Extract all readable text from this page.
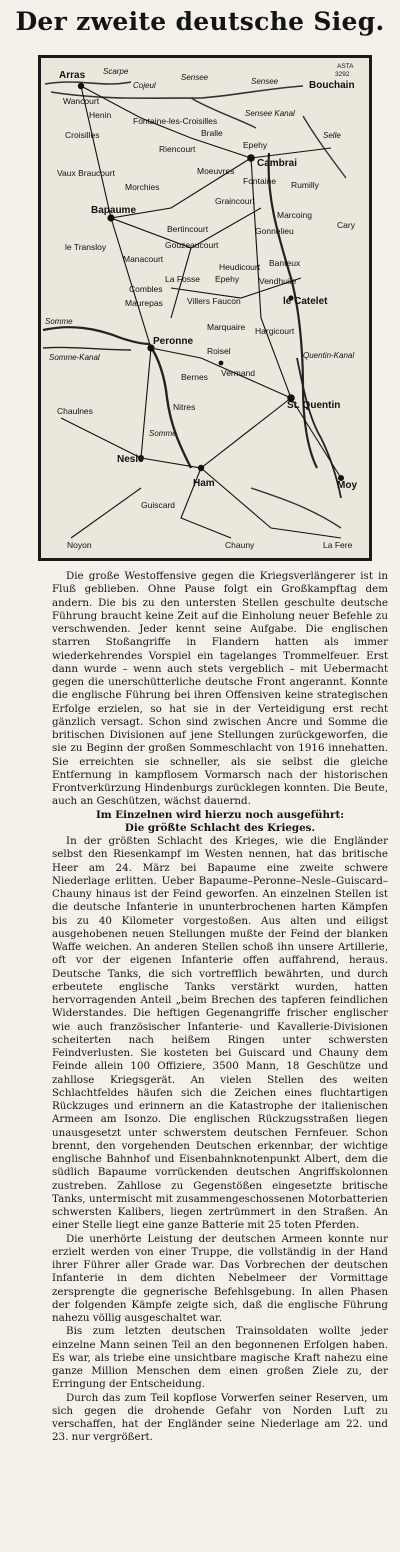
Der zweite deutsche Sieg.
ASTA
3292
Arras Scarpe
Cojeul
Sensee	Sensee
Sensee Kanal
Bouchain
Selle
Wancourt
Henin
Croisilles
Fontaine-les-Croisilles
Riencourt
Bralle
Vaux Braucourt	Moeuvres
Morchies
Cambrai
Fontaine Rumilly
Epehy
Graincourt
Bapaume	Marcoing
le Transloy
Bertincourt	Gonnelieu
Gouzeaucourt
Manacourt	Banteux
Cary
La Fosse
Heudicourt
Combles
Epehy Vendhuile
Maurepas	Villers Faucon	le Catelet
Somme
Somme-Kanal
Marquaire Hargicourt
Peronne
Roisel	Quentin-Kanal
Bernes Vermand
St. Quentin
Chaulnes	Nitres
Somme
Nesle
Ham
Guiscard
Moy
Noyon	Chauny	La Fere

Die große Westoffensive gegen die Kriegsverlängerer ist in Fluß geblieben. Ohne Pause folgt ein Großkampftag dem andern. Die bis zu den untersten Stellen geschulte deutsche Führung braucht keine Zeit auf die Einholung neuer Befehle zu verschwenden. Jeder kennt seine Aufgabe. Die englischen starren Stoßangriffe in Flandern hatten als immer wiederkehrendes Vorspiel ein tagelanges Trommelfeuer. Erst dann wurde – wenn auch stets vergeblich – mit Uebermacht gegen die unerschütterliche deutsche Front angerannt. Konnte die englische Führung bei ihren Offensiven keine strategischen Erfolge erzielen, so hat sie in der Verteidigung erst recht gänzlich versagt. Schon sind zwischen Ancre und Somme die britischen Divisionen auf jene Stellungen zurückgeworfen, die sie zu Beginn der großen Sommeschlacht von 1916 innehatten. Sie erreichten sie schneller, als sie selbst die gleiche Entfernung in kampflosem Vormarsch nach der historischen Frontverkürzung Hindenburgs zurücklegen konnten. Die Beute, auch an Geschützen, wächst dauernd.

Im Einzelnen wird hierzu noch ausgeführt:

Die größte Schlacht des Krieges.

In der größten Schlacht des Krieges, wie die Engländer selbst den Riesenkampf im Westen nennen, hat das britische Heer am 24. März bei Bapaume eine zweite schwere Niederlage erlitten. Ueber Bapaume–Peronne–Nesle–Guiscard–Chauny hinaus ist der Feind geworfen. An einzelnen Stellen ist die deutsche Infanterie in ununterbrochenen harten Kämpfen bis zu 40 Kilometer vorgestoßen. Aus alten und eiligst ausgehobenen neuen Stellungen mußte der Feind der blanken Waffe weichen. An anderen Stellen schoß ihn unsere Artillerie, oft vor der eigenen Infanterie offen auffahrend, heraus. Deutsche Tanks, die sich vortrefflich bewährten, und durch erbeutete englische Tanks verstärkt wurden, hatten hervorragenden Anteil „beim Brechen des tapferen feindlichen Widerstandes. Die heftigen Gegenangriffe frischer englischer wie auch französischer Infanterie- und Kavallerie-Divisionen scheiterten nach heißem Ringen unter schwersten Feindverlusten. Sie kosteten bei Guiscard und Chauny dem Feinde allein 100 Offiziere, 3500 Mann, 18 Geschütze und zahllose Kriegsgerät. An vielen Stellen des weiten Schlachtfeldes häufen sich die Zeichen eines fluchtartigen Rückzuges und erinnern an die Katastrophe der italienischen Armeen am Isonzo. Die englischen Rückzugsstraßen liegen unausgesetzt unter schwerstem deutschen Fernfeuer. Schon brennt, den vorgehenden Deutschen erkennbar, der wichtige englische Bahnhof und Eisenbahnknotenpunkt Albert, dem die südlich Bapaume vorrückenden deutschen Angriffskolonnen zustreben. Zahllose zu Gegenstößen eingesetzte britische Tanks, untermischt mit zusammengeschossenen Motorbatterien schwersten Kalibers, liegen zertrümmert in den Straßen. An einer Stelle liegt eine ganze Batterie mit 25 toten Pferden.

Die unerhörte Leistung der deutschen Armeen konnte nur erzielt werden von einer Truppe, die vollständig in der Hand ihrer Führer aller Grade war. Das Vorbrechen der deutschen Infanterie in dem dichten Nebelmeer der Vormittage zersprengte die gegnerische Befehlsgebung. In allen Phasen der folgenden Kämpfe zeigte sich, daß die englische Führung nahezu völlig ausgeschaltet war.

Bis zum letzten deutschen Trainsoldaten wollte jeder einzelne Mann seinen Teil an den begonnenen Erfolgen haben. Es war, als triebe eine unsichtbare magische Kraft nahezu eine ganze Million Menschen dem einen großen Ziele zu, der Erringung der Entscheidung.

Durch das zum Teil kopflose Vorwerfen seiner Reserven, um sich gegen die drohende Gefahr von Norden Luft zu verschaffen, hat der Engländer seine Niederlage am 22. und 23. nur vergrößert.
